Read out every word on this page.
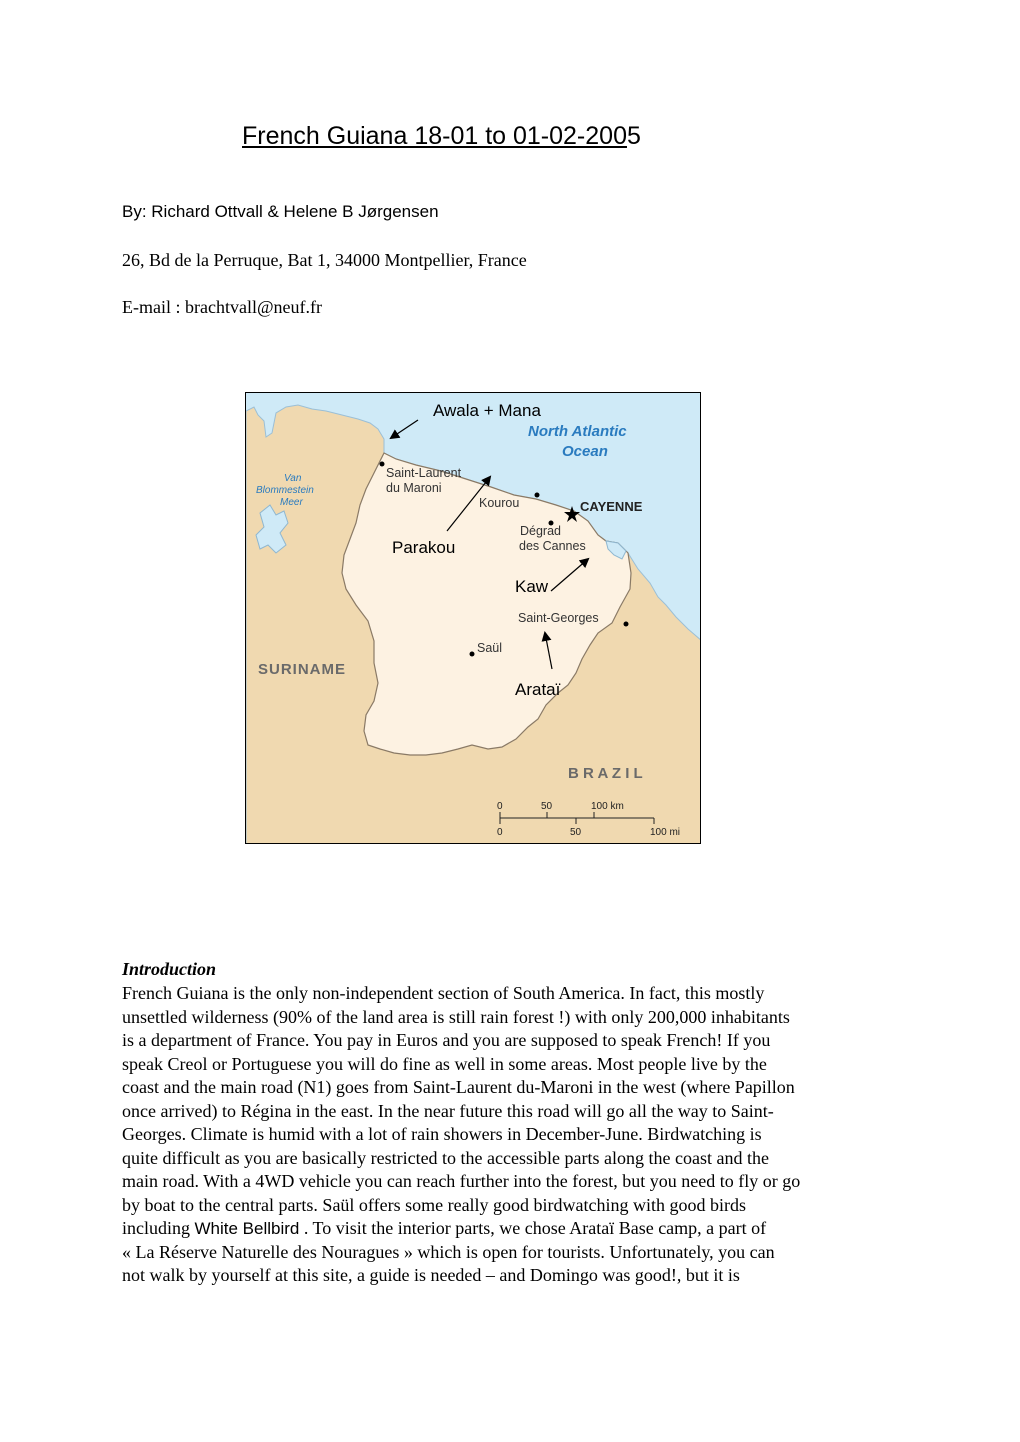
French Guiana 18-01 to 01-02-2005
By: Richard Ottvall & Helene B Jørgensen
26, Bd de la Perruque, Bat 1, 34000 Montpellier, France
E-mail : brachtvall@neuf.fr
North Atlantic
Ocean
Van
Blommestein
Meer
Saint-Laurent
du Maroni
Kourou	CAYENNE
Dégrad
des Cannes
Saint-Georges
Saül
SURINAME
B R A Z I L
0	50	100 km
0	50	100 mi
Awala + Mana
Parakou
Kaw
Arataï
Introduction
French Guiana is the only non-independent section of South America. In fact, this mostly
unsettled wilderness (90% of the land area is still rain forest !) with only 200,000 inhabitants
is a department of France. You pay in Euros and you are supposed to speak French! If you
speak Creol or Portuguese you will do fine as well in some areas. Most people live by the
coast and the main road (N1) goes from Saint-Laurent du-Maroni in the west (where Papillon
once arrived) to Régina in the east. In the near future this road will go all the way to Saint-
Georges. Climate is humid with a lot of rain showers in December-June. Birdwatching is
quite difficult as you are basically restricted to the accessible parts along the coast and the
main road. With a 4WD vehicle you can reach further into the forest, but you need to fly or go
by boat to the central parts. Saül offers some really good birdwatching with good birds
including White Bellbird . To visit the interior parts, we chose Arataï Base camp, a part of
« La Réserve Naturelle des Nouragues » which is open for tourists. Unfortunately, you can
not walk by yourself at this site, a guide is needed – and Domingo was good!, but it is
